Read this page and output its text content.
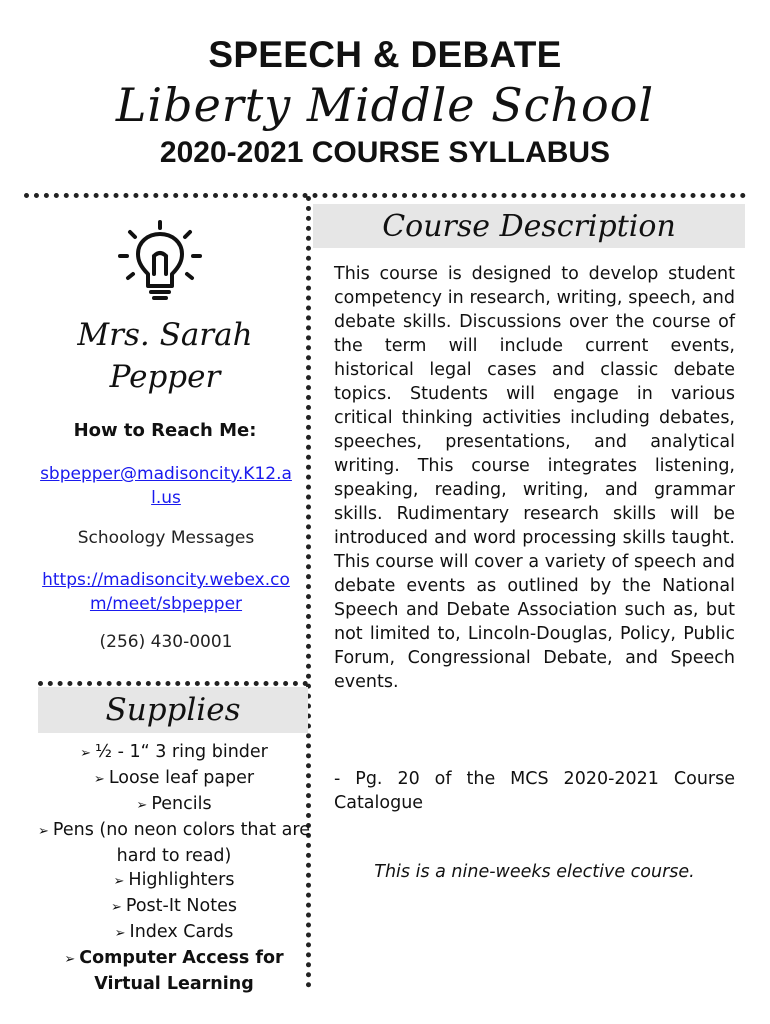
SPEECH & DEBATE
Liberty Middle School
2020-2021 COURSE SYLLABUS
Mrs. Sarah Pepper
How to Reach Me:
sbpepper@madisoncity.K12.al.us
Schoology Messages
https://madisoncity.webex.com/meet/sbpepper
(256) 430-0001
Supplies
➢ ½ - 1“ 3 ring binder
➢ Loose leaf paper
➢ Pencils
➢ Pens (no neon colors that are hard to read)
➢ Highlighters
➢ Post-It Notes
➢ Index Cards
➢ Computer Access for Virtual Learning
Course Description

This course is designed to develop student competency in research, writing, speech, and debate skills. Discussions over the course of the term will include current events, historical legal cases and classic debate topics. Students will engage in various critical thinking activities including debates, speeches, presentations, and analytical writing. This course integrates listening, speaking, reading, writing, and grammar skills. Rudimentary research skills will be introduced and word processing skills taught. This course will cover a variety of speech and debate events as outlined by the National Speech and Debate Association such as, but not limited to, Lincoln-Douglas, Policy, Public Forum, Congressional Debate, and Speech events.

- Pg. 20 of the MCS 2020-2021 Course Catalogue

This is a nine-weeks elective course.
